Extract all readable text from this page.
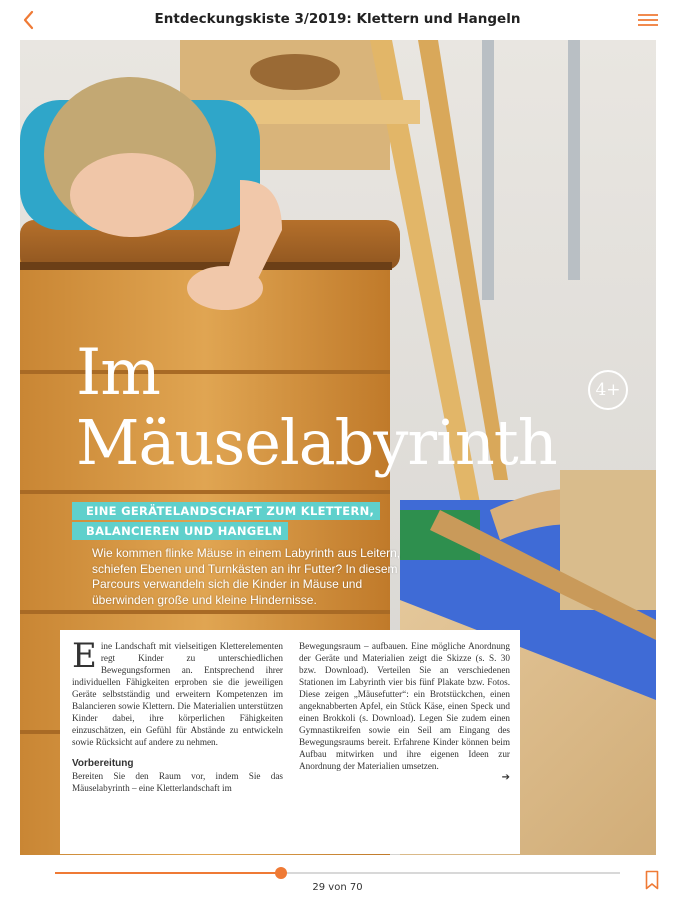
Entdeckungskiste 3/2019: Klettern und Hangeln
Im
Mäuselabyrinth
4+
EINE GERÄTELANDSCHAFT ZUM KLETTERN,
BALANCIEREN UND HANGELN
Wie kommen flinke Mäuse in einem Labyrinth aus Leitern, schiefen Ebenen und Turnkästen an ihr Futter? In diesem Parcours verwandeln sich die Kinder in Mäuse und überwinden große und kleine Hindernisse.
E ine Landschaft mit vielseitigen Kletterelementen regt Kinder zu unterschiedlichen Bewegungsformen an. Entsprechend ihrer individuellen Fähigkeiten erproben sie die jeweiligen Geräte selbstständig und erweitern Kompetenzen im Balancieren sowie Klettern. Die Materialien unterstützen Kinder dabei, ihre körperlichen Fähigkeiten einzuschätzen, ein Gefühl für Abstände zu entwickeln sowie Rücksicht auf andere zu nehmen.
Vorbereitung
Bereiten Sie den Raum vor, indem Sie das Mäuselabyrinth – eine Kletterlandschaft im
Bewegungsraum – aufbauen. Eine mögliche Anordnung der Geräte und Materialien zeigt die Skizze (s. S. 30 bzw. Download). Verteilen Sie an verschiedenen Stationen im Labyrinth vier bis fünf Plakate bzw. Fotos. Diese zeigen „Mäusefutter“: ein Brotstückchen, einen angeknabberten Apfel, ein Stück Käse, einen Speck und einen Brokkoli (s. Download). Legen Sie zudem einen Gymnastikreifen sowie ein Seil am Eingang des Bewegungsraums bereit. Erfahrene Kinder können beim Aufbau mitwirken und ihre eigenen Ideen zur Anordnung der Materialien umsetzen.
➔
29 von 70
